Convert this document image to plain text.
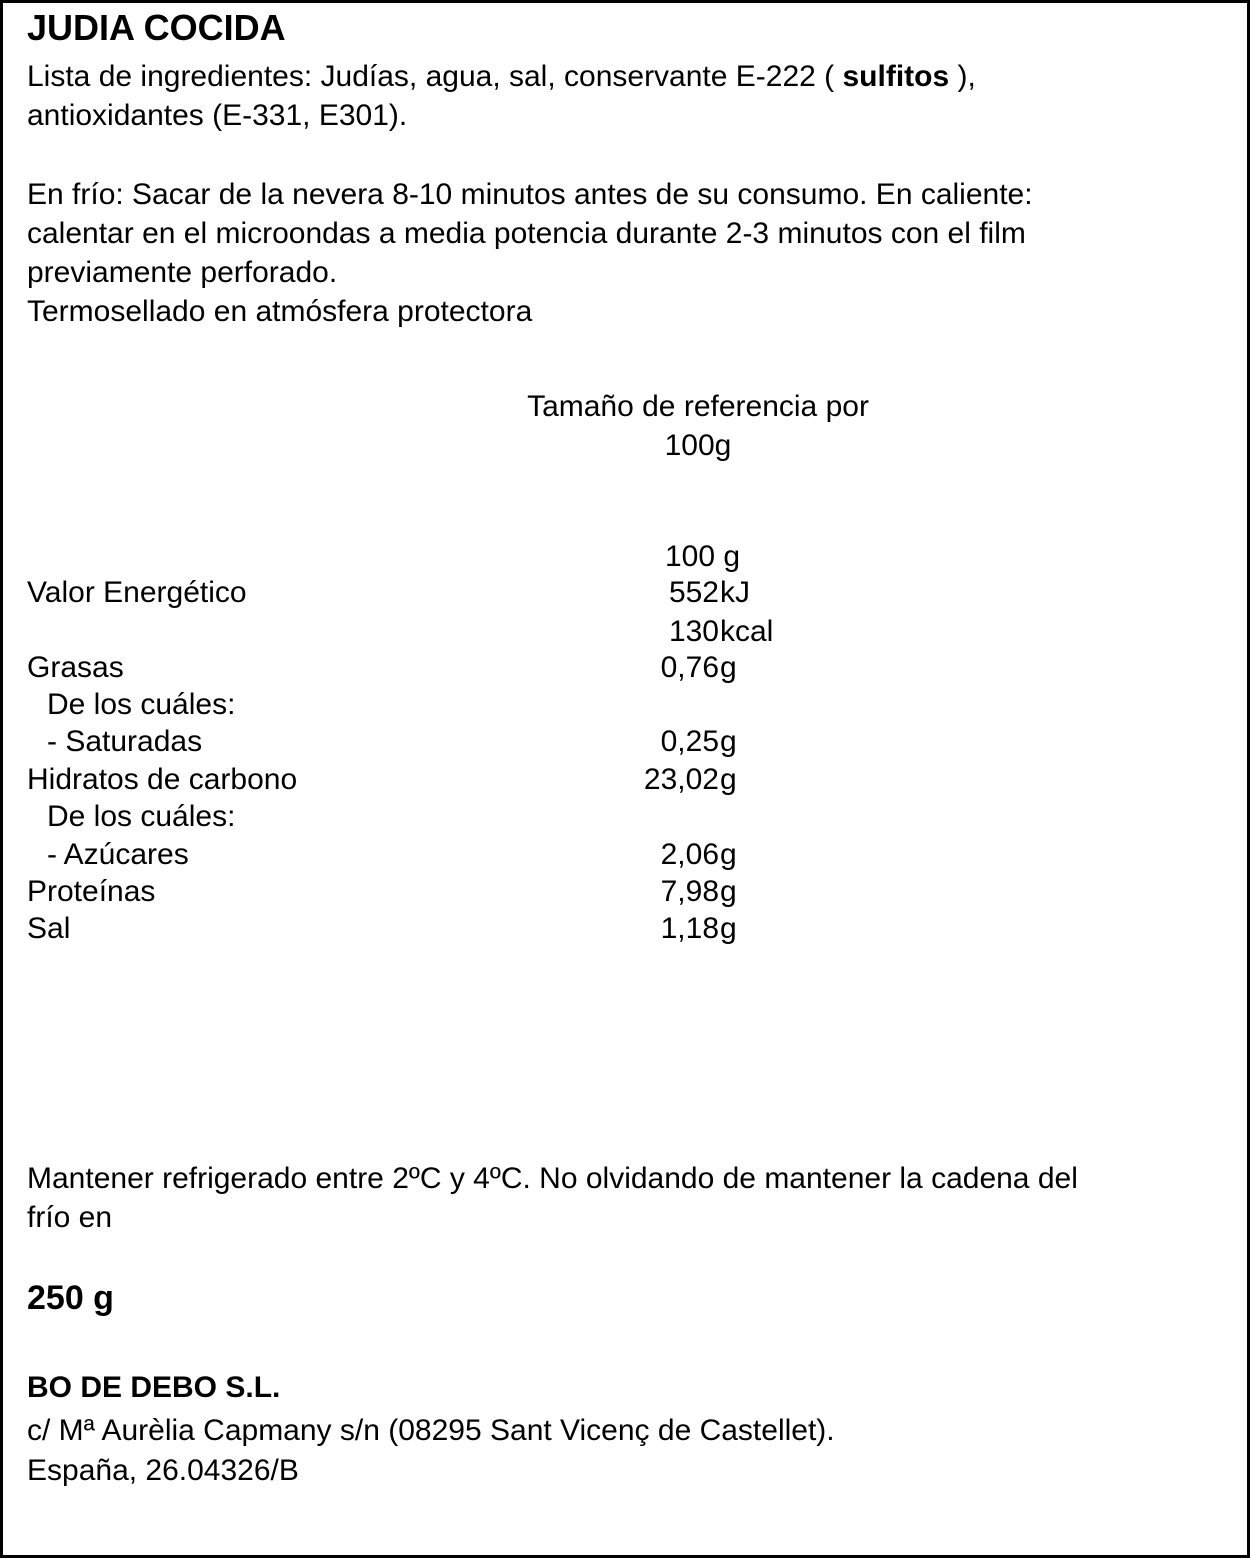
JUDIA COCIDA
Lista de ingredientes: Judías, agua, sal, conservante E-222 ( sulfitos ),
antioxidantes (E-331, E301).
En frío: Sacar de la nevera 8-10 minutos antes de su consumo. En caliente:
calentar en el microondas a media potencia durante 2-3 minutos con el film
previamente perforado.
Termosellado en atmósfera protectora
Tamaño de referencia por
100g
100 g
Valor Energético	552 kJ
130 kcal
Grasas	0,76 g
De los cuáles:
- Saturadas	0,25 g
Hidratos de carbono	23,02 g
De los cuáles:
- Azúcares	2,06 g
Proteínas	7,98 g
Sal	1,18 g
Mantener refrigerado entre 2ºC y 4ºC. No olvidando de mantener la cadena del
frío en
250 g
BO DE DEBO S.L.
c/ Mª Aurèlia Capmany s/n (08295 Sant Vicenç de Castellet).
España, 26.04326/B
